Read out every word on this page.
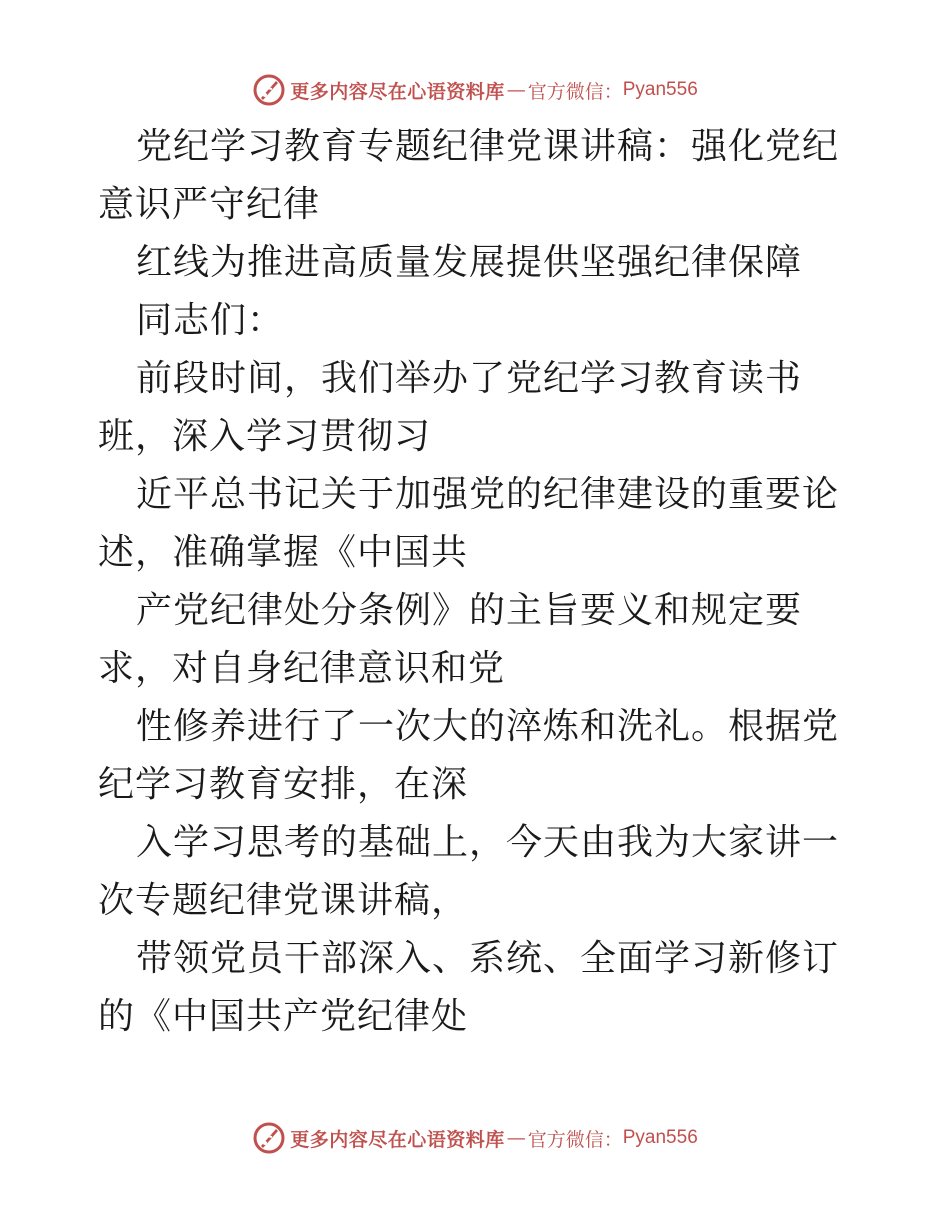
更多内容尽在心语资料库 — 官方微信： Pyan556

党纪学习教育专题纪律党课讲稿：强化党纪意识严守纪律

红线为推进高质量发展提供坚强纪律保障

同志们：

前段时间，我们举办了党纪学习教育读书班，深入学习贯彻习

近平总书记关于加强党的纪律建设的重要论述，准确掌握《中国共

产党纪律处分条例》的主旨要义和规定要求，对自身纪律意识和党

性修养进行了一次大的淬炼和洗礼。根据党纪学习教育安排，在深

入学习思考的基础上，今天由我为大家讲一次专题纪律党课讲稿，

带领党员干部深入、系统、全面学习新修订的《中国共产党纪律处

更多内容尽在心语资料库 — 官方微信： Pyan556
